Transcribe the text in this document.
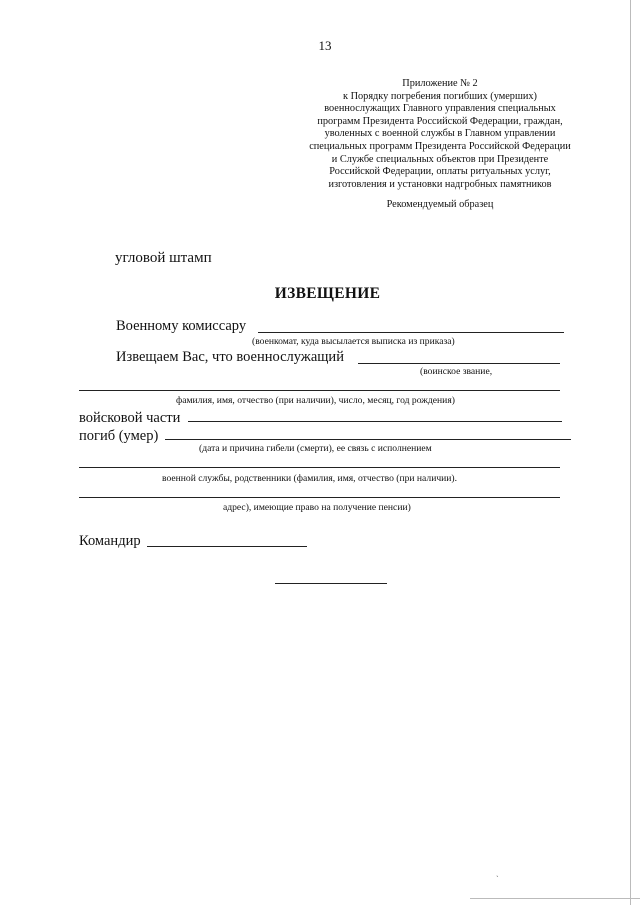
13
Приложение № 2
к Порядку погребения погибших (умерших)
военнослужащих Главного управления специальных
программ Президента Российской Федерации, граждан,
уволенных с военной службы в Главном управлении
специальных программ Президента Российской Федерации
и Службе специальных объектов при Президенте
Российской Федерации, оплаты ритуальных услуг,
изготовления и установки надгробных памятников
Рекомендуемый образец
угловой штамп
ИЗВЕЩЕНИЕ
Военному комиссару
(военкомат, куда высылается выписка из приказа)
Извещаем Вас, что военнослужащий
(воинское звание,
фамилия, имя, отчество (при наличии), число, месяц, год рождения)
войсковой части
погиб (умер)
(дата и причина гибели (смерти), ее связь с исполнением
военной службы, родственники (фамилия, имя, отчество (при наличии).
адрес), имеющие право на получение пенсии)
Командир
ˏ
